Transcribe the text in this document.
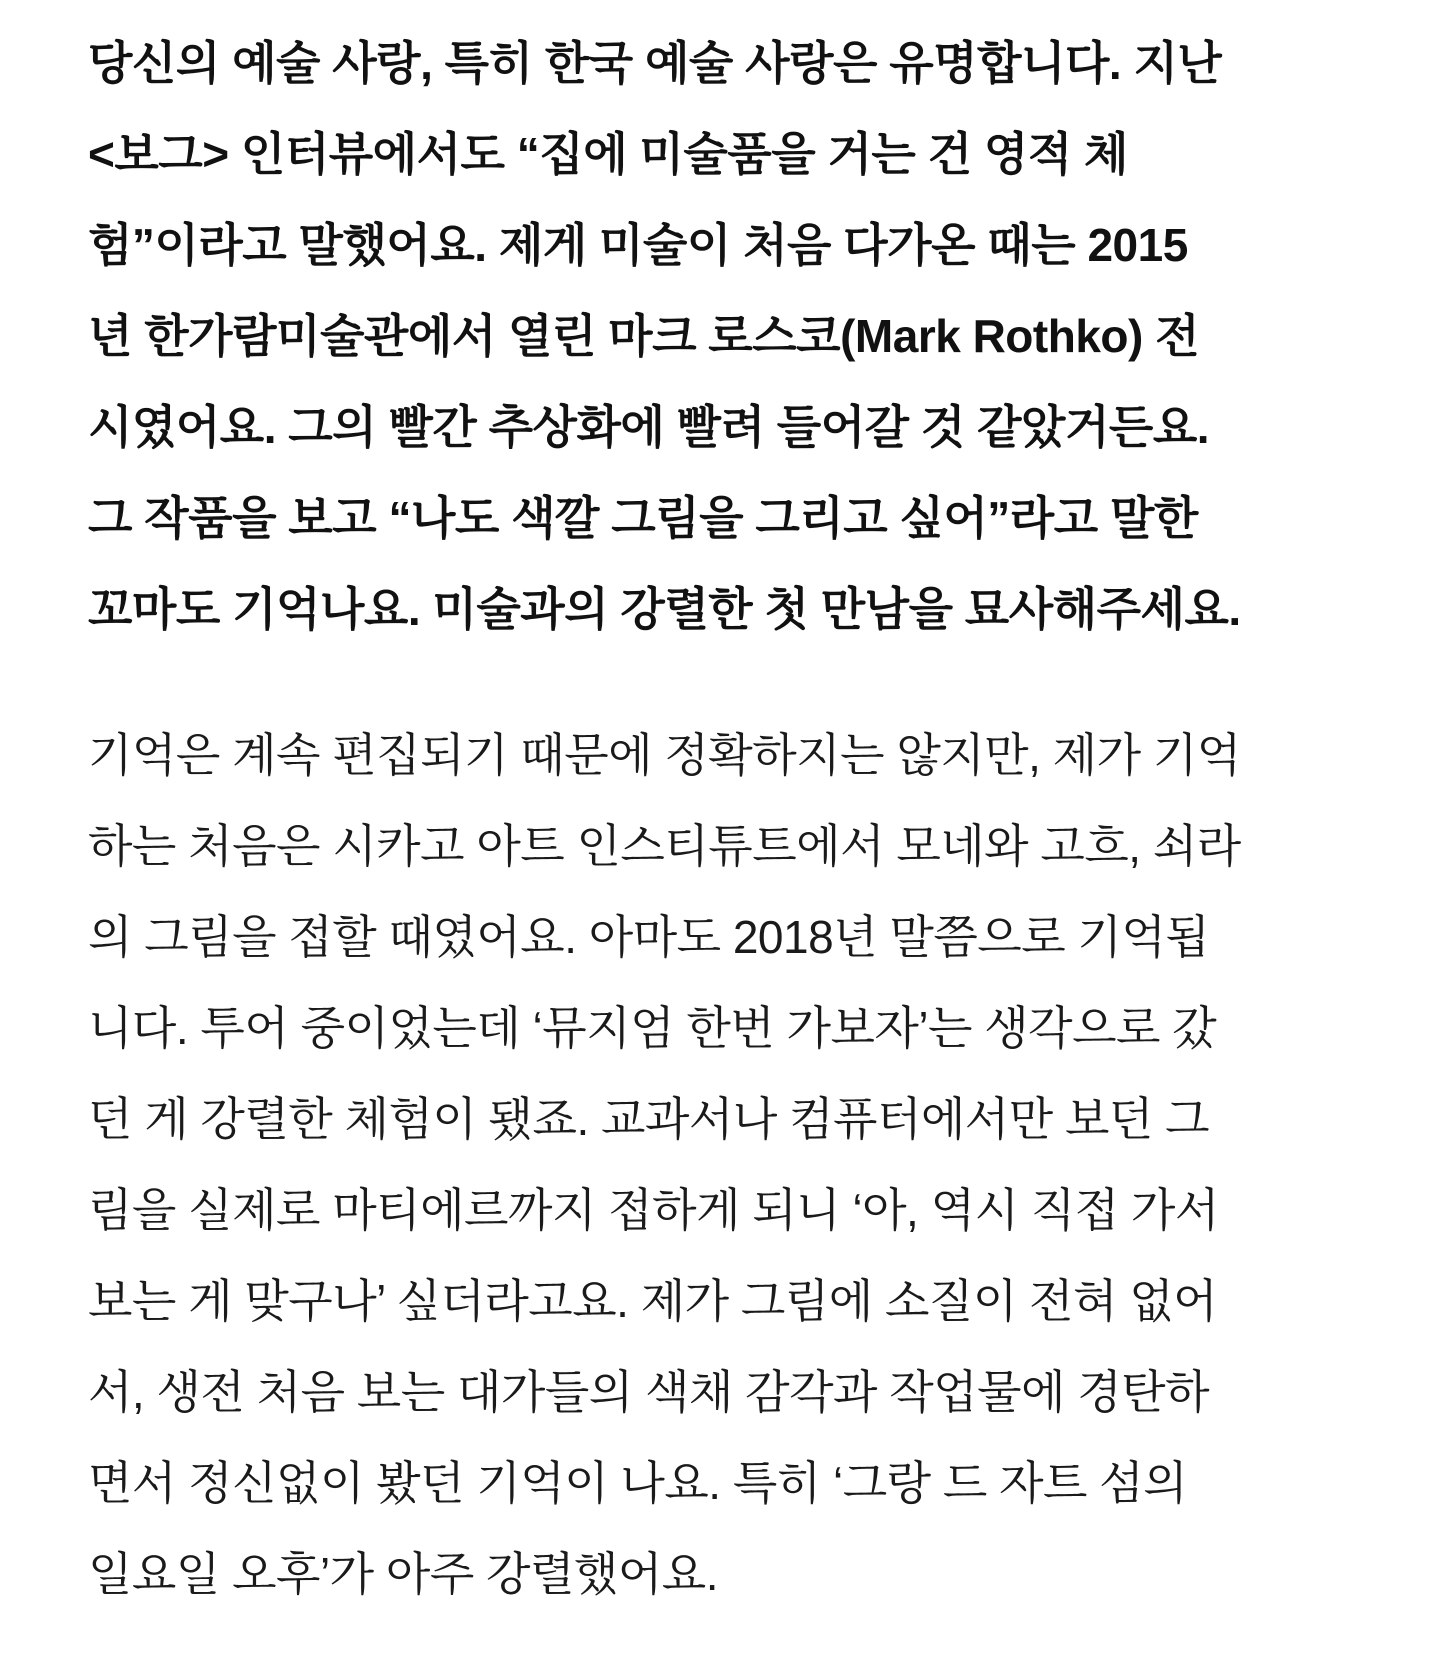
당신의 예술 사랑, 특히 한국 예술 사랑은 유명합니다. 지난
<보그> 인터뷰에서도 “집에 미술품을 거는 건 영적 체
험”이라고 말했어요. 제게 미술이 처음 다가온 때는 2015
년 한가람미술관에서 열린 마크 로스코(Mark Rothko) 전
시였어요. 그의 빨간 추상화에 빨려 들어갈 것 같았거든요.
그 작품을 보고 “나도 색깔 그림을 그리고 싶어”라고 말한
꼬마도 기억나요. 미술과의 강렬한 첫 만남을 묘사해주세요.
기억은 계속 편집되기 때문에 정확하지는 않지만, 제가 기억
하는 처음은 시카고 아트 인스티튜트에서 모네와 고흐, 쇠라
의 그림을 접할 때였어요. 아마도 2018년 말쯤으로 기억됩
니다. 투어 중이었는데 ‘뮤지엄 한번 가보자’는 생각으로 갔
던 게 강렬한 체험이 됐죠. 교과서나 컴퓨터에서만 보던 그
림을 실제로 마티에르까지 접하게 되니 ‘아, 역시 직접 가서
보는 게 맞구나’ 싶더라고요. 제가 그림에 소질이 전혀 없어
서, 생전 처음 보는 대가들의 색채 감각과 작업물에 경탄하
면서 정신없이 봤던 기억이 나요. 특히 ‘그랑 드 자트 섬의
일요일 오후’가 아주 강렬했어요.
